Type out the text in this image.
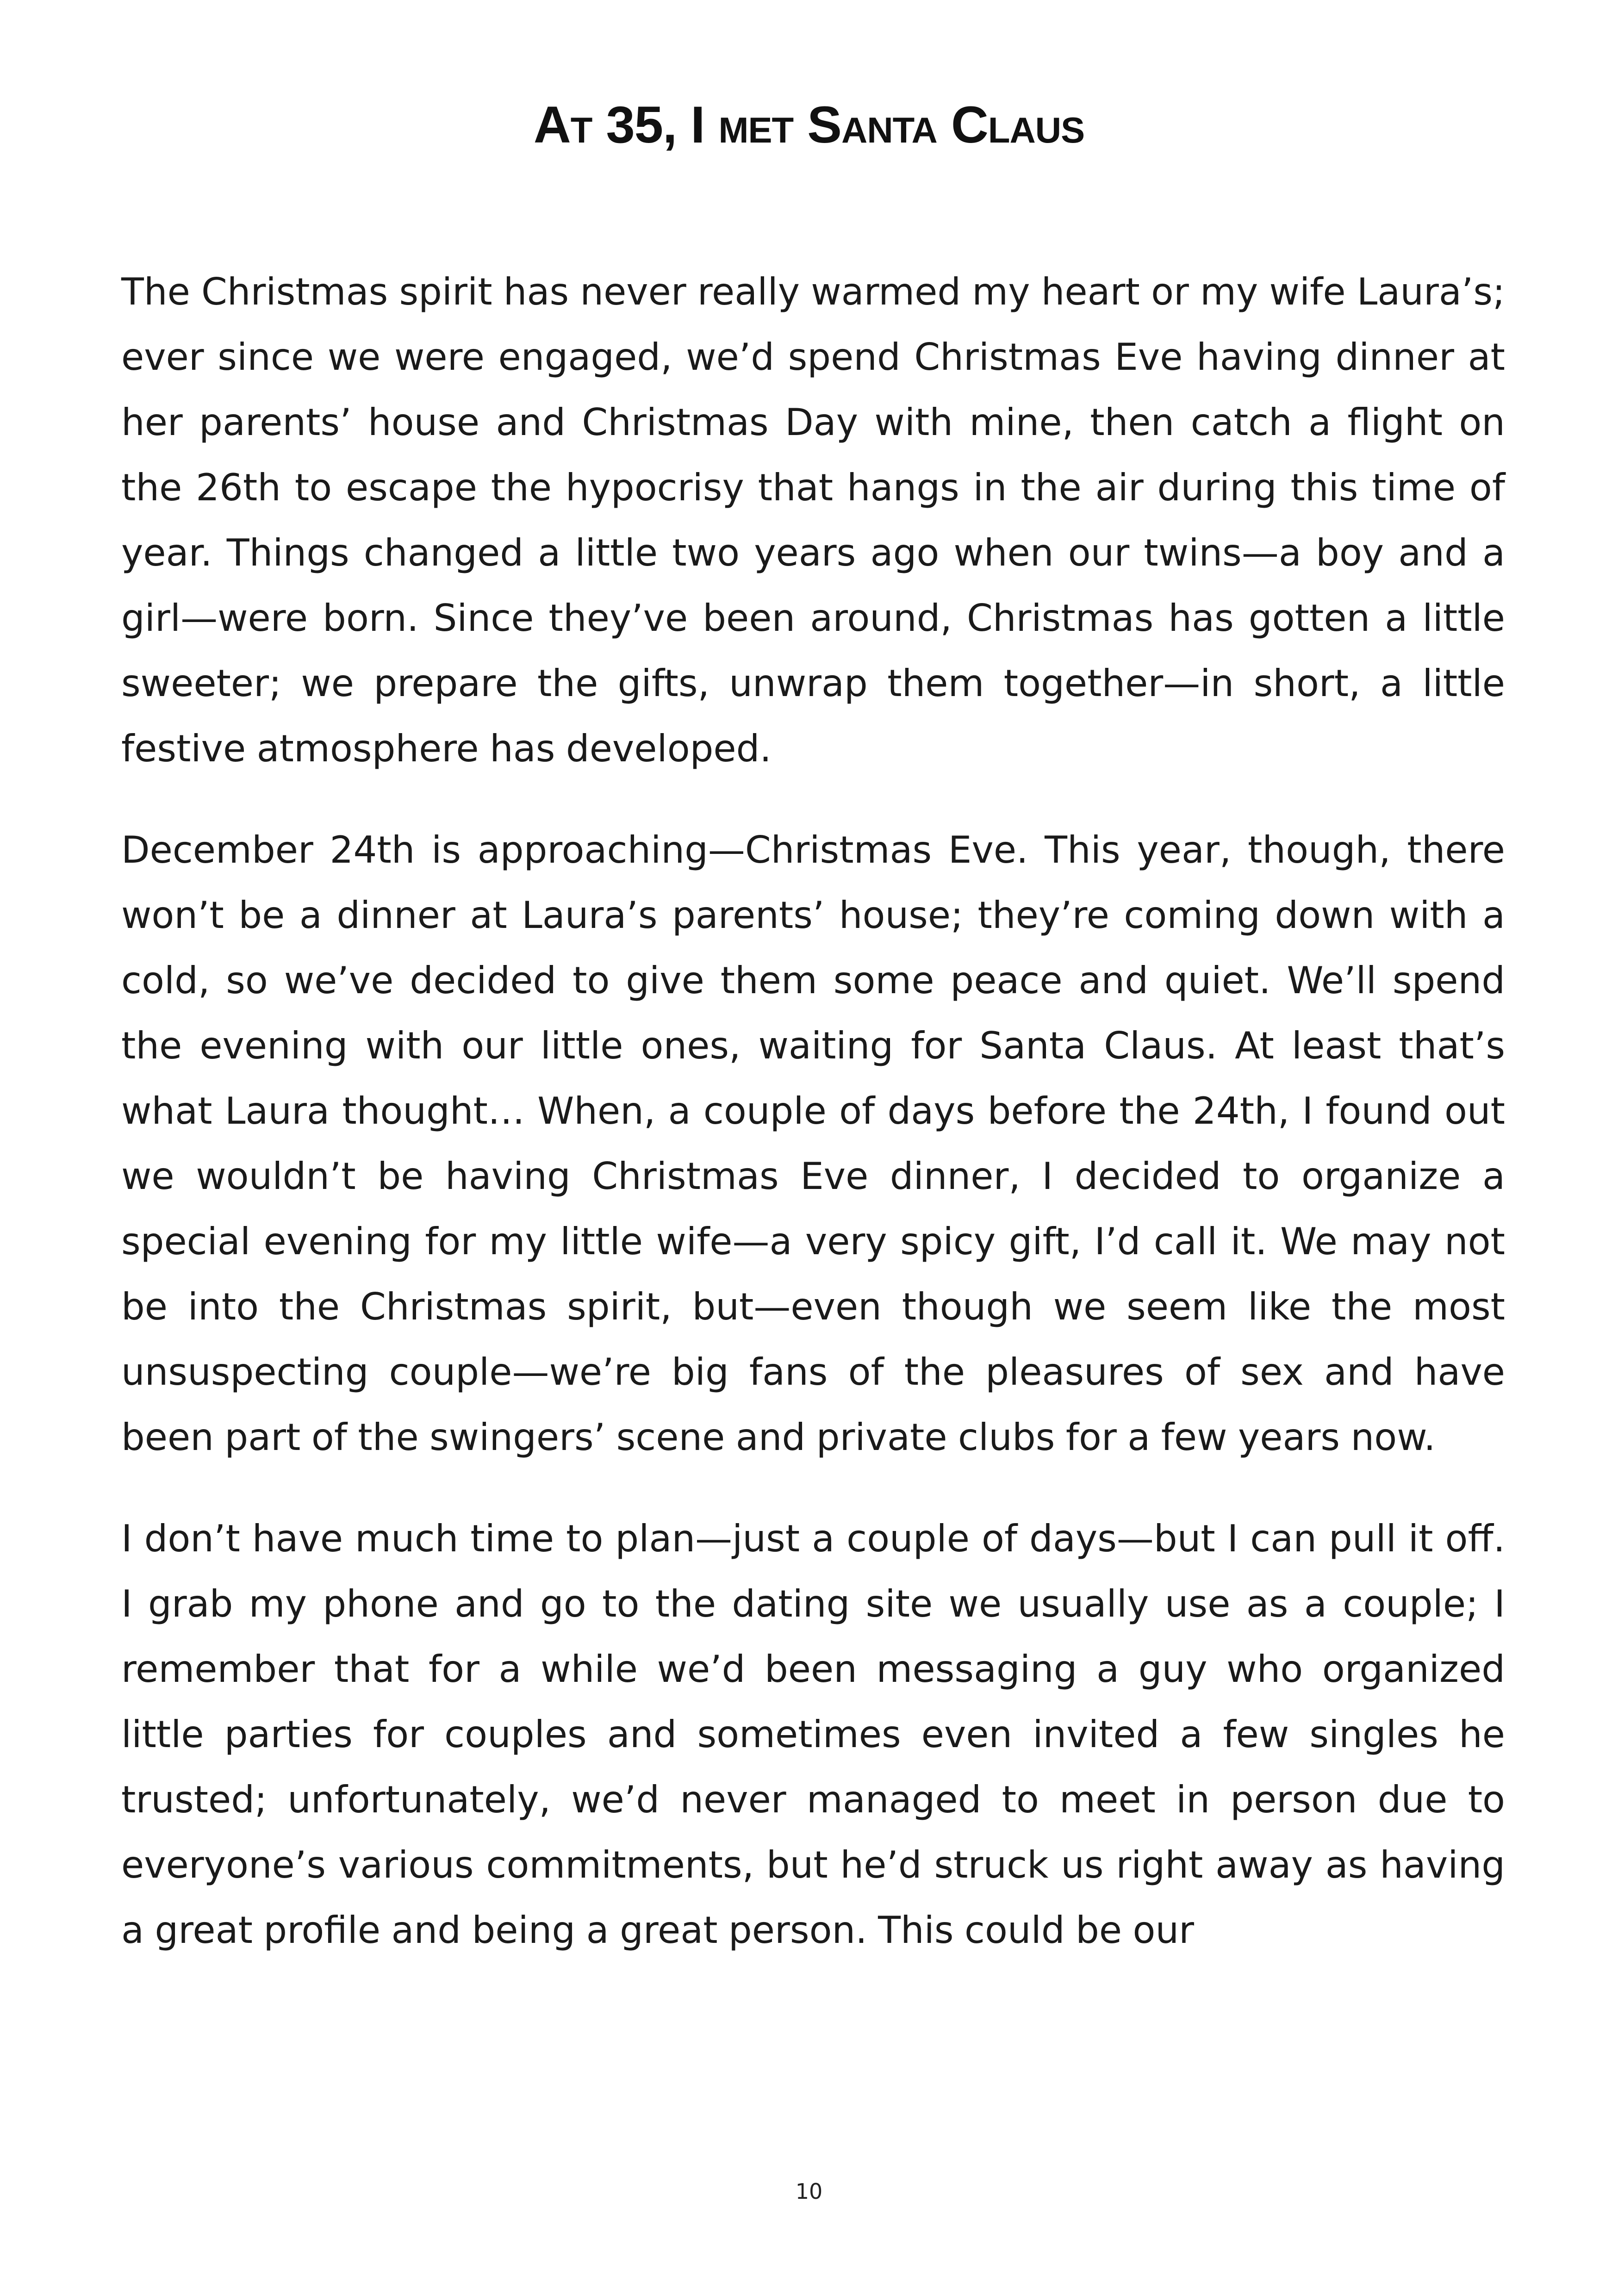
At 35, I met Santa Claus

The Christmas spirit has never really warmed my heart or my wife Laura’s; ever since we were engaged, we’d spend Christmas Eve having dinner at her parents’ house and Christmas Day with mine, then catch a flight on the 26th to escape the hypocrisy that hangs in the air during this time of year. Things changed a little two years ago when our twins—a boy and a girl—were born. Since they’ve been around, Christmas has gotten a little sweeter; we prepare the gifts, unwrap them together—in short, a little festive atmosphere has developed.

December 24th is approaching—Christmas Eve. This year, though, there won’t be a dinner at Laura’s parents’ house; they’re coming down with a cold, so we’ve decided to give them some peace and quiet. We’ll spend the evening with our little ones, waiting for Santa Claus. At least that’s what Laura thought… When, a couple of days before the 24th, I found out we wouldn’t be having Christmas Eve dinner, I decided to organize a special evening for my little wife—a very spicy gift, I’d call it. We may not be into the Christmas spirit, but—even though we seem like the most unsuspecting couple—we’re big fans of the pleasures of sex and have been part of the swingers’ scene and private clubs for a few years now.

I don’t have much time to plan—just a couple of days—but I can pull it off. I grab my phone and go to the dating site we usually use as a couple; I remember that for a while we’d been messaging a guy who organized little parties for couples and sometimes even invited a few singles he trusted; unfortunately, we’d never managed to meet in person due to everyone’s various commitments, but he’d struck us right away as having a great profile and being a great person. This could be our

10
